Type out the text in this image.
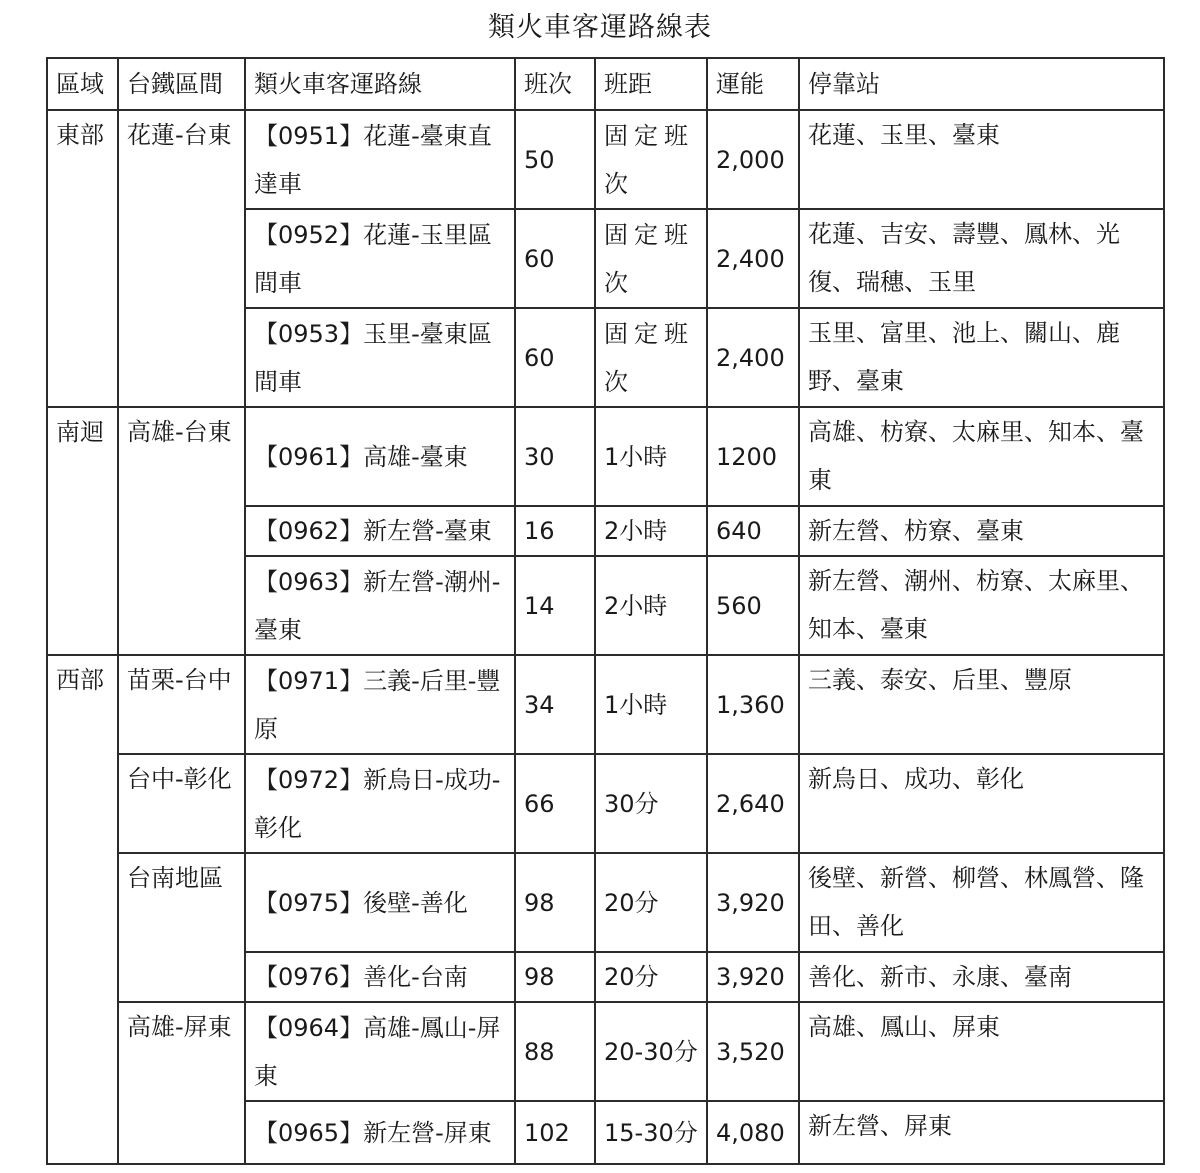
類火車客運路線表
區域	台鐵區間	類火車客運路線	班次	班距	運能	停靠站
東部	花蓮-台東	【0951】花蓮-臺東直達車	50	固定班次	2,000	花蓮、玉里、臺東
		【0952】花蓮-玉里區間車	60	固定班次	2,400	花蓮、吉安、壽豐、鳳林、光復、瑞穗、玉里
		【0953】玉里-臺東區間車	60	固定班次	2,400	玉里、富里、池上、關山、鹿野、臺東
南迴	高雄-台東	【0961】高雄-臺東	30	1小時	1200	高雄、枋寮、太麻里、知本、臺東
		【0962】新左營-臺東	16	2小時	640	新左營、枋寮、臺東
		【0963】新左營-潮州-臺東	14	2小時	560	新左營、潮州、枋寮、太麻里、知本、臺東
西部	苗栗-台中	【0971】三義-后里-豐原	34	1小時	1,360	三義、泰安、后里、豐原
	台中-彰化	【0972】新烏日-成功-彰化	66	30分	2,640	新烏日、成功、彰化
	台南地區	【0975】後壁-善化	98	20分	3,920	後壁、新營、柳營、林鳳營、隆田、善化
		【0976】善化-台南	98	20分	3,920	善化、新市、永康、臺南
	高雄-屏東	【0964】高雄-鳳山-屏東	88	20-30分	3,520	高雄、鳳山、屏東
		【0965】新左營-屏東	102	15-30分	4,080	新左營、屏東
